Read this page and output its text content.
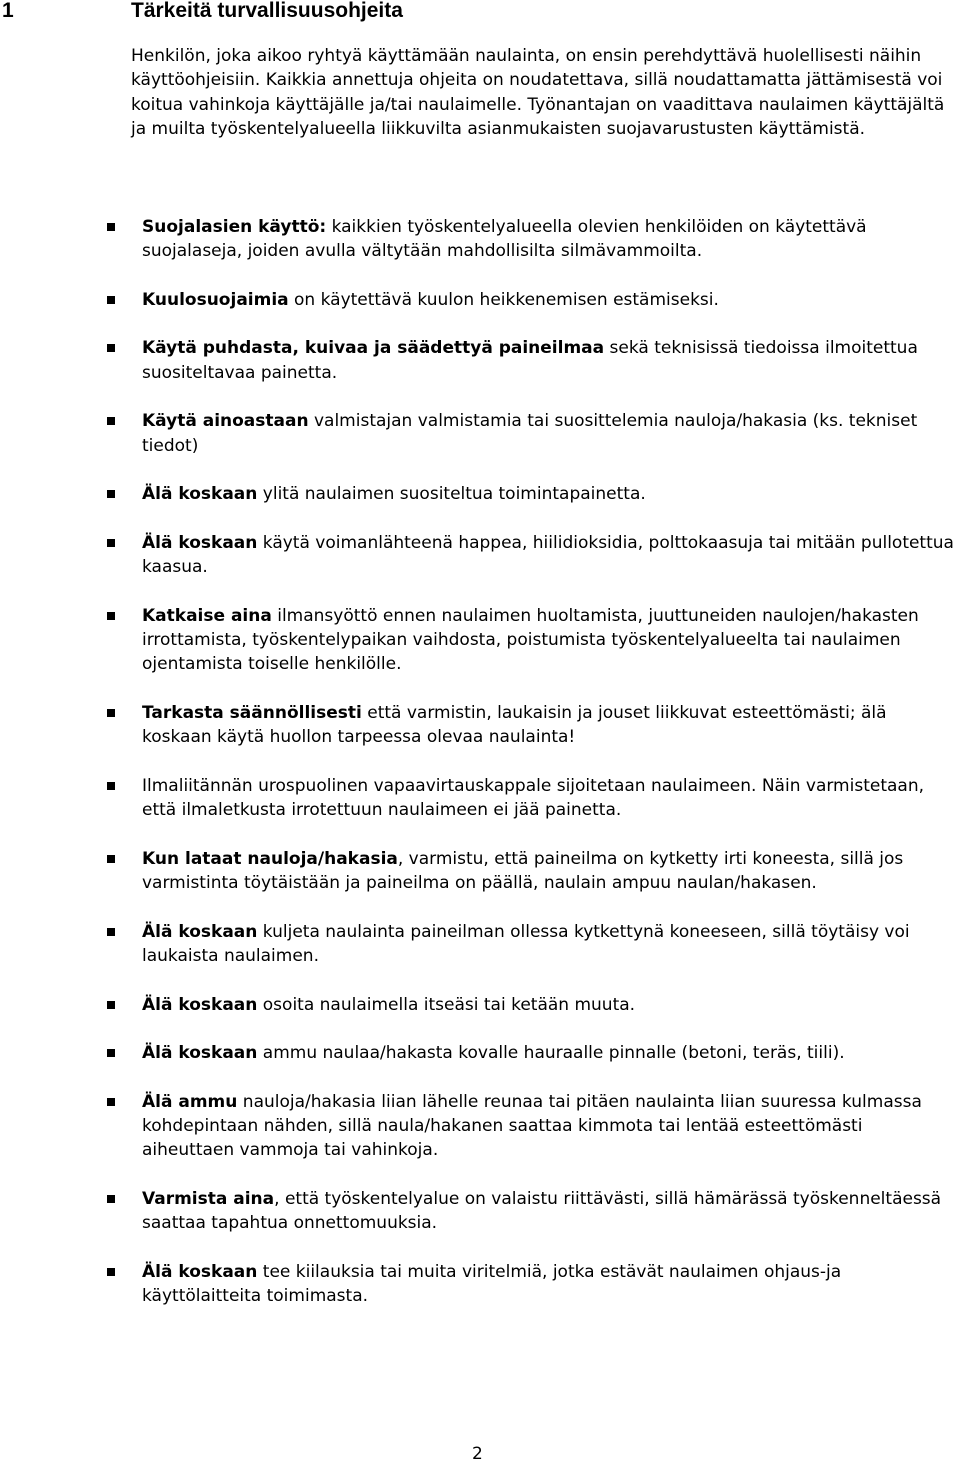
1	Tärkeitä turvallisuusohjeita

Henkilön, joka aikoo ryhtyä käyttämään naulainta, on ensin perehdyttävä huolellisesti näihin käyttöohjeisiin. Kaikkia annettuja ohjeita on noudatettava, sillä noudattamatta jättämisestä voi koitua vahinkoja käyttäjälle ja/tai naulaimelle. Työnantajan on vaadittava naulaimen käyttäjältä ja muilta työskentelyalueella liikkuvilta asianmukaisten suojavarustusten käyttämistä.

Suojalasien käyttö: kaikkien työskentelyalueella olevien henkilöiden on käytettävä suojalaseja, joiden avulla vältytään mahdollisilta silmävammoilta.
Kuulosuojaimia on käytettävä kuulon heikkenemisen estämiseksi.
Käytä puhdasta, kuivaa ja säädettyä paineilmaa sekä teknisissä tiedoissa ilmoitettua suositeltavaa painetta.
Käytä ainoastaan valmistajan valmistamia tai suosittelemia nauloja/hakasia (ks. tekniset tiedot)
Älä koskaan ylitä naulaimen suositeltua toimintapainetta.
Älä koskaan käytä voimanlähteenä happea, hiilidioksidia, polttokaasuja tai mitään pullotettua kaasua.
Katkaise aina ilmansyöttö ennen naulaimen huoltamista, juuttuneiden naulojen/hakasten irrottamista, työskentelypaikan vaihdosta, poistumista työskentelyalueelta tai naulaimen ojentamista toiselle henkilölle.
Tarkasta säännöllisesti että varmistin, laukaisin ja jouset liikkuvat esteettömästi; älä koskaan käytä huollon tarpeessa olevaa naulainta!
Ilmaliitännän urospuolinen vapaavirtauskappale sijoitetaan naulaimeen. Näin varmistetaan, että ilmaletkusta irrotettuun naulaimeen ei jää painetta.
Kun lataat nauloja/hakasia, varmistu, että paineilma on kytketty irti koneesta, sillä jos varmistinta töytäistään ja paineilma on päällä, naulain ampuu naulan/hakasen.
Älä koskaan kuljeta naulainta paineilman ollessa kytkettynä koneeseen, sillä töytäisy voi laukaista naulaimen.
Älä koskaan osoita naulaimella itseäsi tai ketään muuta.
Älä koskaan ammu naulaa/hakasta kovalle hauraalle pinnalle (betoni, teräs, tiili).
Älä ammu nauloja/hakasia liian lähelle reunaa tai pitäen naulainta liian suuressa kulmassa kohdepintaan nähden, sillä naula/hakanen saattaa kimmota tai lentää esteettömästi aiheuttaen vammoja tai vahinkoja.
Varmista aina, että työskentelyalue on valaistu riittävästi, sillä hämärässä työskenneltäessä saattaa tapahtua onnettomuuksia.
Älä koskaan tee kiilauksia tai muita viritelmiä, jotka estävät naulaimen ohjaus-ja käyttölaitteita toimimasta.
2
